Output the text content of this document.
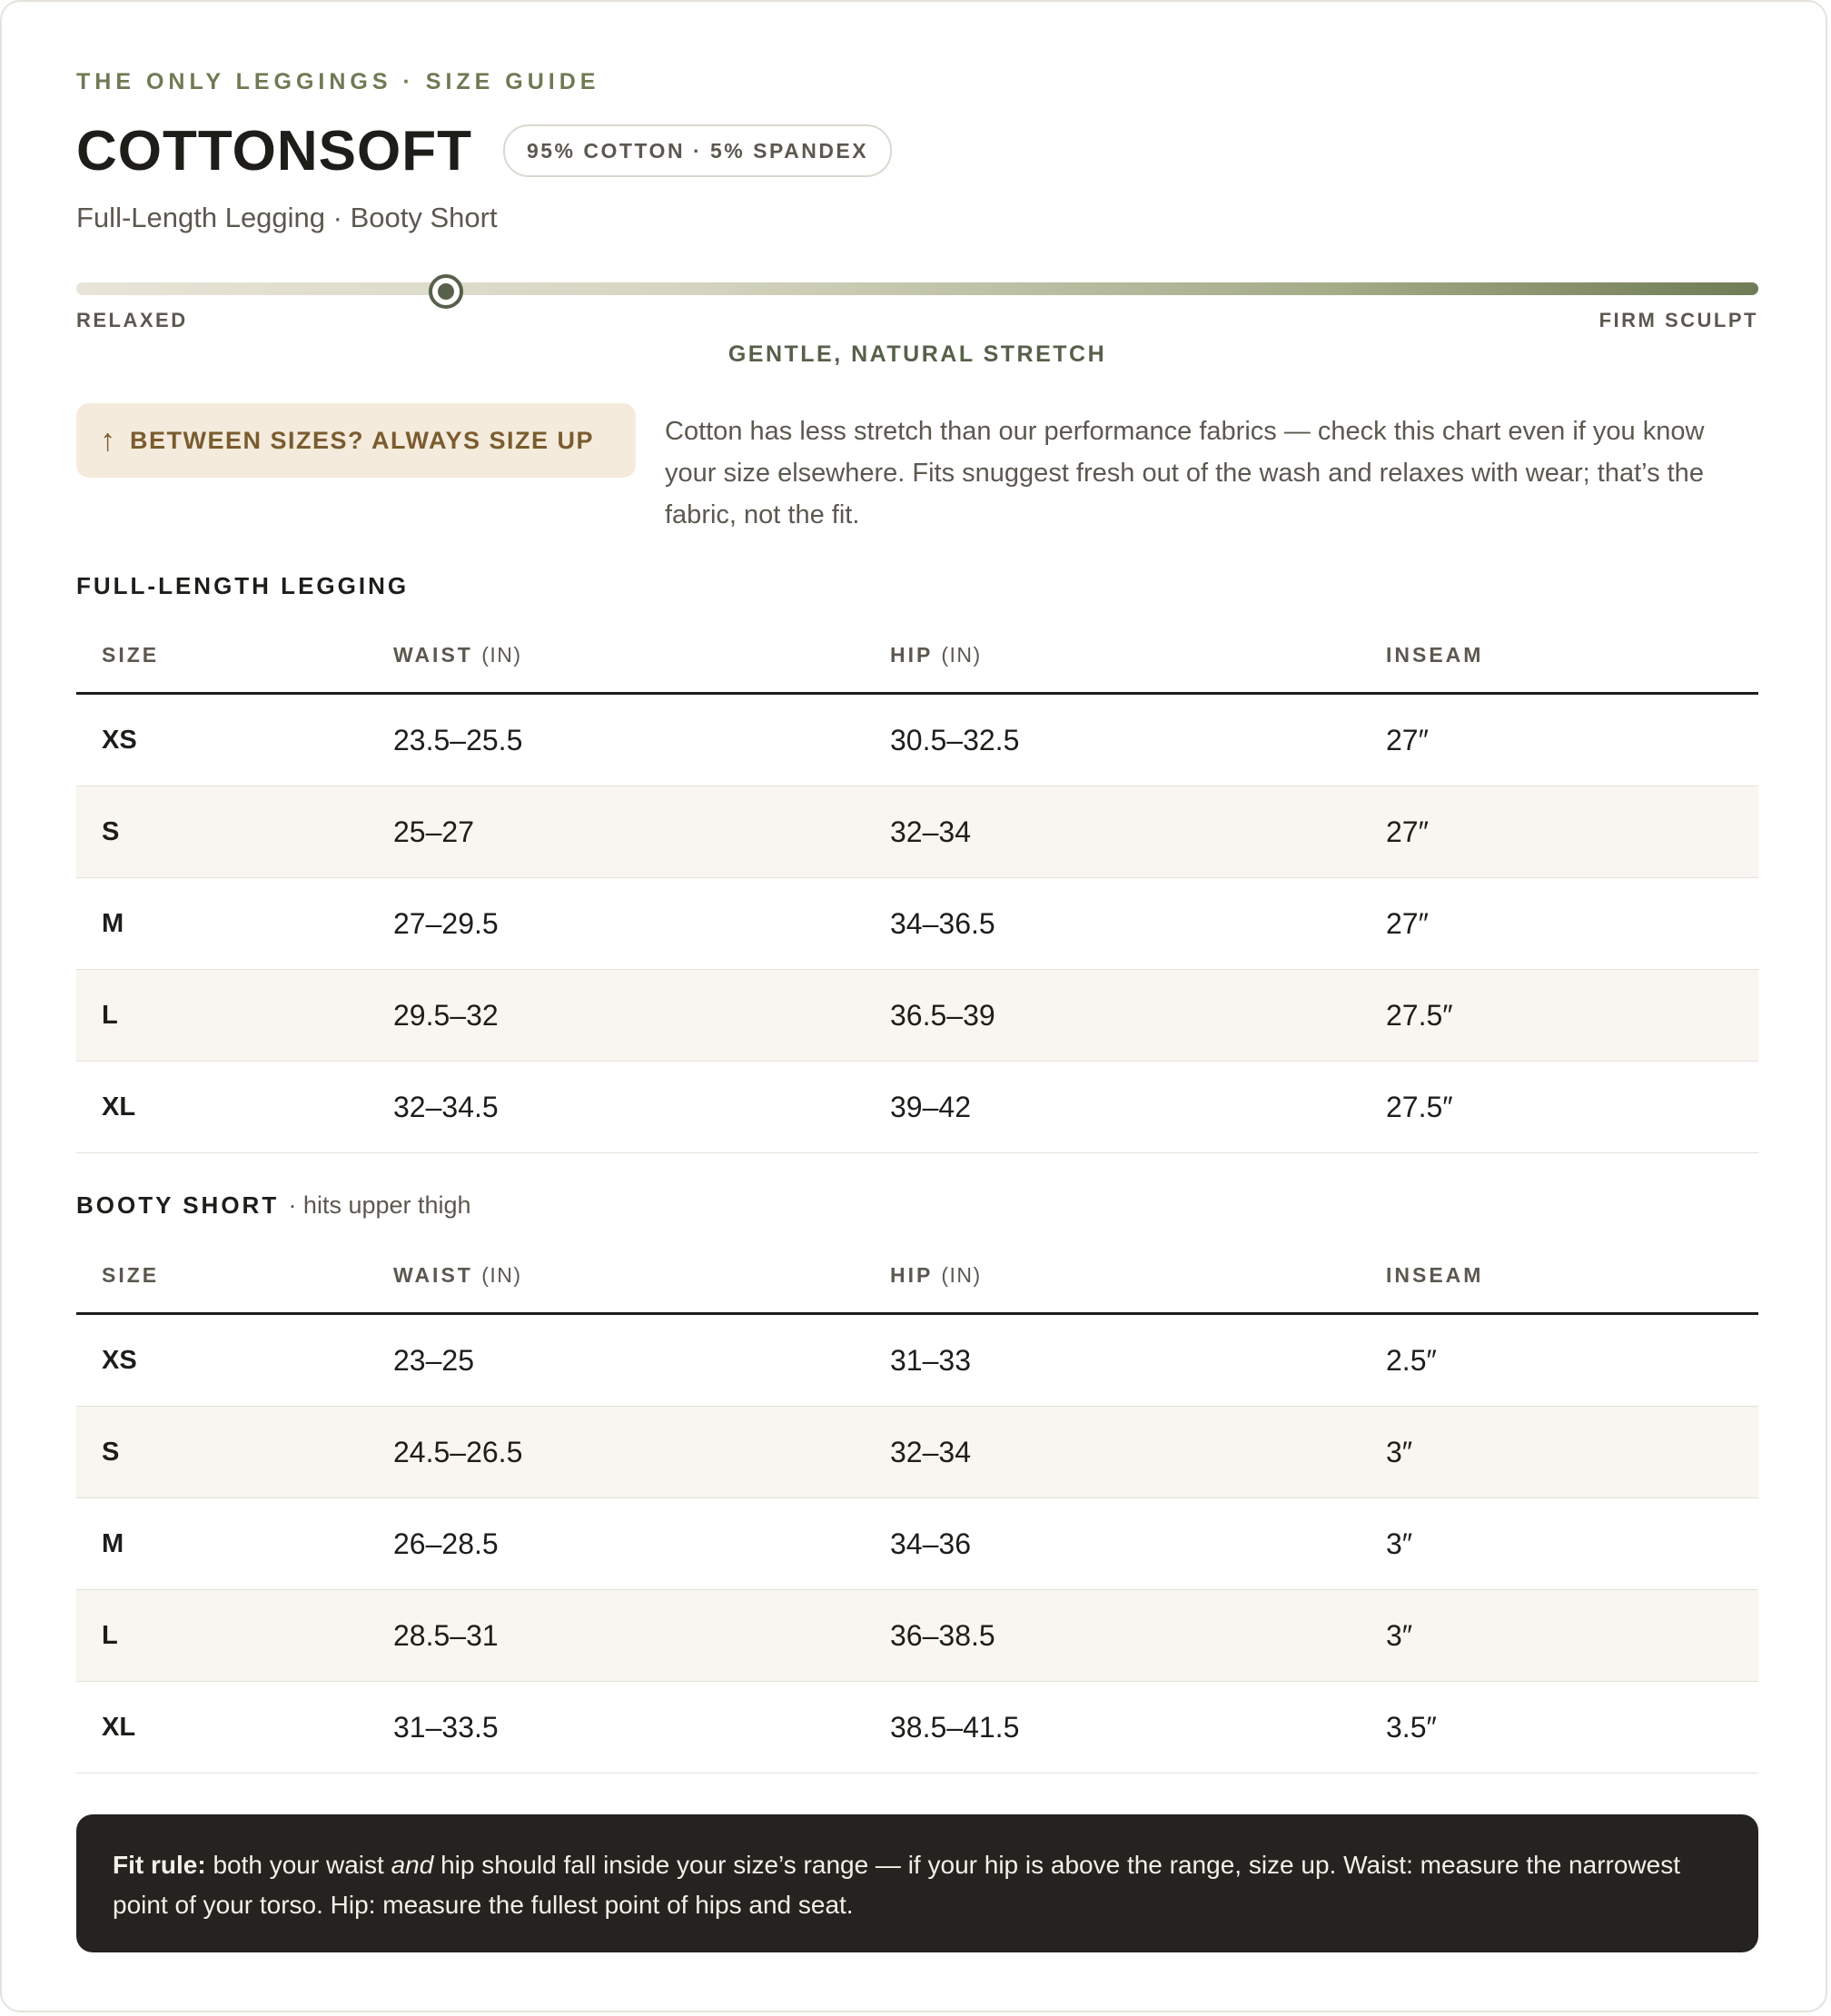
THE ONLY LEGGINGS · SIZE GUIDE
COTTONSOFT	95% COTTON · 5% SPANDEX
Full-Length Legging · Booty Short
RELAXED	FIRM SCULPT
GENTLE, NATURAL STRETCH
↑ BETWEEN SIZES? ALWAYS SIZE UP	Cotton has less stretch than our performance fabrics — check this chart even if you know your size elsewhere. Fits snuggest fresh out of the wash and relaxes with wear; that’s the fabric, not the fit.

FULL-LENGTH LEGGING
SIZE	WAIST (IN)	HIP (IN)	INSEAM
XS	23.5–25.5	30.5–32.5	27″
S	25–27	32–34	27″
M	27–29.5	34–36.5	27″
L	29.5–32	36.5–39	27.5″
XL	32–34.5	39–42	27.5″
BOOTY SHORT · hits upper thigh
SIZE	WAIST (IN)	HIP (IN)	INSEAM
XS	23–25	31–33	2.5″
S	24.5–26.5	32–34	3″
M	26–28.5	34–36	3″
L	28.5–31	36–38.5	3″
XL	31–33.5	38.5–41.5	3.5″

Fit rule: both your waist and hip should fall inside your size’s range — if your hip is above the range, size up. Waist: measure the narrowest point of your torso. Hip: measure the fullest point of hips and seat.
